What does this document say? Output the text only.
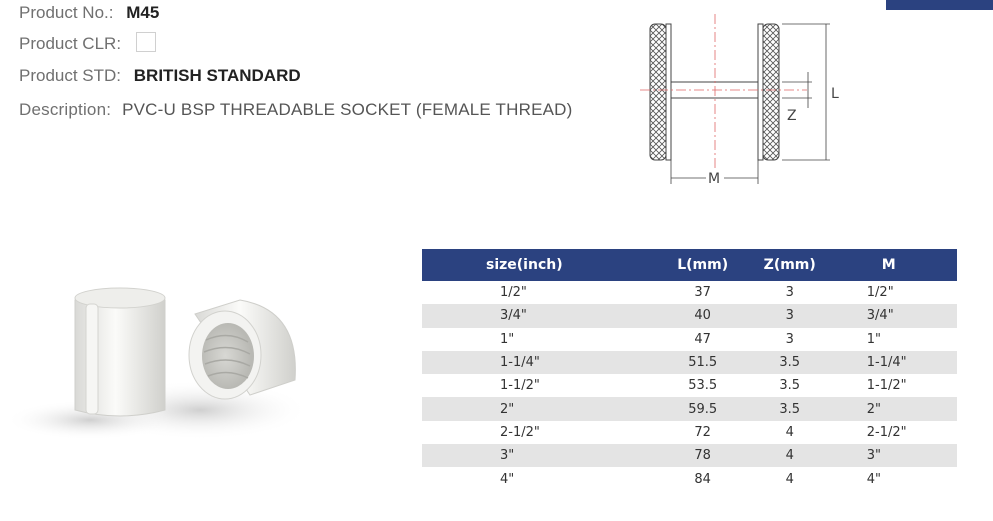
Product No.: M45
Product CLR:
Product STD: BRITISH STANDARD
Description: PVC-U BSP THREADABLE SOCKET (FEMALE THREAD)
L
Z
M
size(inch)	L(mm)	Z(mm)	M
1/2"	37	3	1/2"
3/4"	40	3	3/4"
1"	47	3	1"
1-1/4"	51.5	3.5	1-1/4"
1-1/2"	53.5	3.5	1-1/2"
2"	59.5	3.5	2"
2-1/2"	72	4	2-1/2"
3"	78	4	3"
4"	84	4	4"
